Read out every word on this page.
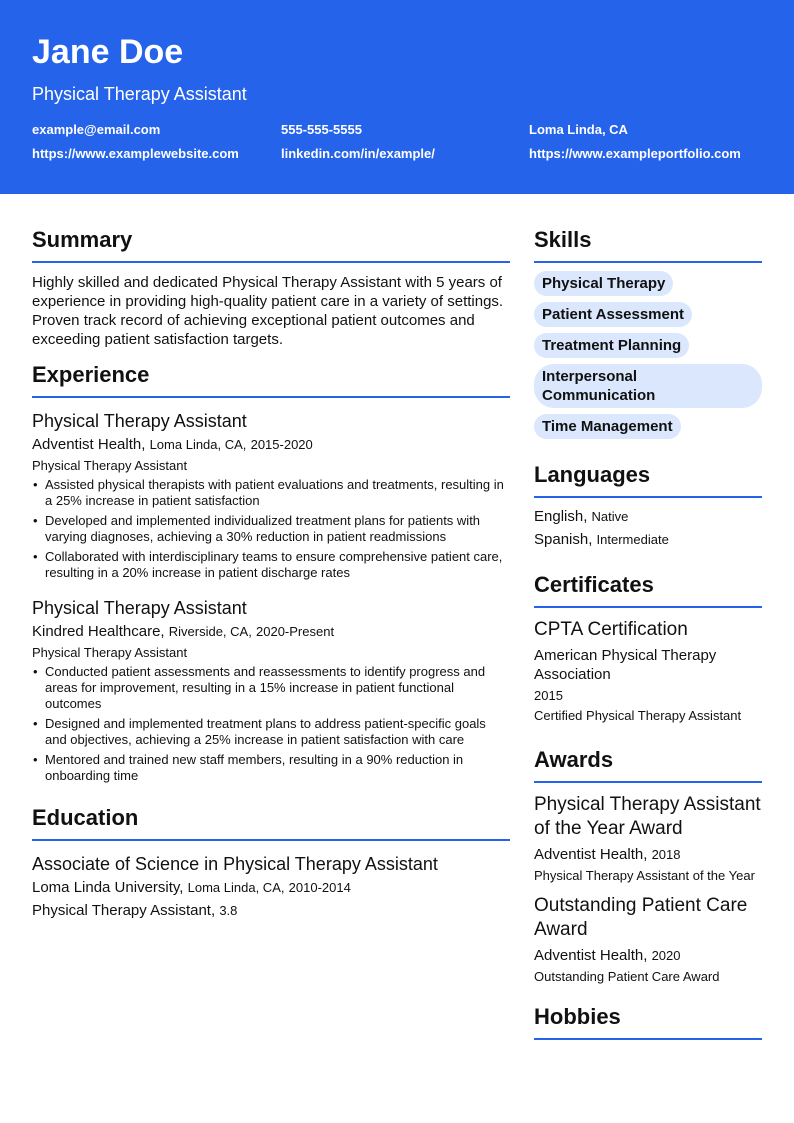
Jane Doe
Physical Therapy Assistant
example@email.com	555-555-5555	Loma Linda, CA
https://www.examplewebsite.com	linkedin.com/in/example/	https://www.exampleportfolio.com
Summary
Highly skilled and dedicated Physical Therapy Assistant with 5 years of experience in providing high-quality patient care in a variety of settings. Proven track record of achieving exceptional patient outcomes and exceeding patient satisfaction targets.
Experience
Physical Therapy Assistant
Adventist Health, Loma Linda, CA, 2015-2020
Physical Therapy Assistant
• Assisted physical therapists with patient evaluations and treatments, resulting in a 25% increase in patient satisfaction
• Developed and implemented individualized treatment plans for patients with varying diagnoses, achieving a 30% reduction in patient readmissions
• Collaborated with interdisciplinary teams to ensure comprehensive patient care, resulting in a 20% increase in patient discharge rates
Physical Therapy Assistant
Kindred Healthcare, Riverside, CA, 2020-Present
Physical Therapy Assistant
• Conducted patient assessments and reassessments to identify progress and areas for improvement, resulting in a 15% increase in patient functional outcomes
• Designed and implemented treatment plans to address patient-specific goals and objectives, achieving a 25% increase in patient satisfaction with care
• Mentored and trained new staff members, resulting in a 90% reduction in onboarding time
Education
Associate of Science in Physical Therapy Assistant
Loma Linda University, Loma Linda, CA, 2010-2014
Physical Therapy Assistant, 3.8
Skills
Physical Therapy
Patient Assessment
Treatment Planning
Interpersonal Communication
Time Management
Languages
English, Native
Spanish, Intermediate
Certificates
CPTA Certification
American Physical Therapy Association
2015
Certified Physical Therapy Assistant
Awards
Physical Therapy Assistant of the Year Award
Adventist Health, 2018
Physical Therapy Assistant of the Year
Outstanding Patient Care Award
Adventist Health, 2020
Outstanding Patient Care Award
Hobbies
